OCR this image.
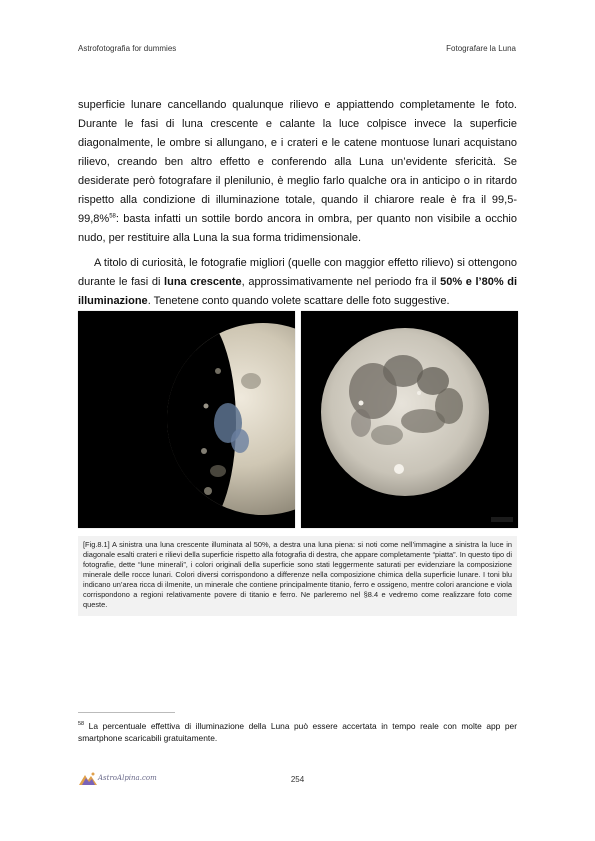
Astrofotografia for dummies	Fotografare la Luna

superficie lunare cancellando qualunque rilievo e appiattendo completamente le foto. Durante le fasi di luna crescente e calante la luce colpisce invece la superficie diagonalmente, le ombre si allungano, e i crateri e le catene montuose lunari acquistano rilievo, creando ben altro effetto e conferendo alla Luna un’evidente sfericità. Se desiderate però fotografare il plenilunio, è meglio farlo qualche ora in anticipo o in ritardo rispetto alla condizione di illuminazione totale, quando il chiarore reale è fra il 99,5-99,8%$^{58}$: basta infatti un sottile bordo ancora in ombra, per quanto non visibile a occhio nudo, per restituire alla Luna la sua forma tridimensionale.

A titolo di curiosità, le fotografie migliori (quelle con maggior effetto rilievo) si ottengono durante le fasi di luna crescente, approssimativamente nel periodo fra il 50% e l’80% di illuminazione. Tenetene conto quando volete scattare delle foto suggestive.

[Fig.8.1] A sinistra una luna crescente illuminata al 50%, a destra una luna piena: si noti come nell’immagine a sinistra la luce in diagonale esalti crateri e rilievi della superficie rispetto alla fotografia di destra, che appare completamente “piatta”. In questo tipo di fotografie, dette “lune minerali”, i colori originali della superficie sono stati leggermente saturati per evidenziare la composizione minerale delle rocce lunari. Colori diversi corrispondono a differenze nella composizione chimica della superficie lunare. I toni blu indicano un’area ricca di ilmenite, un minerale che contiene principalmente titanio, ferro e ossigeno, mentre colori arancione e viola corrispondono a regioni relativamente povere di titanio e ferro. Ne parleremo nel §8.4 e vedremo come realizzare foto come queste.
$^{58}$ La percentuale effettiva di illuminazione della Luna può essere accertata in tempo reale con molte app per smartphone scaricabili gratuitamente.
AstroAlpina.com	254
